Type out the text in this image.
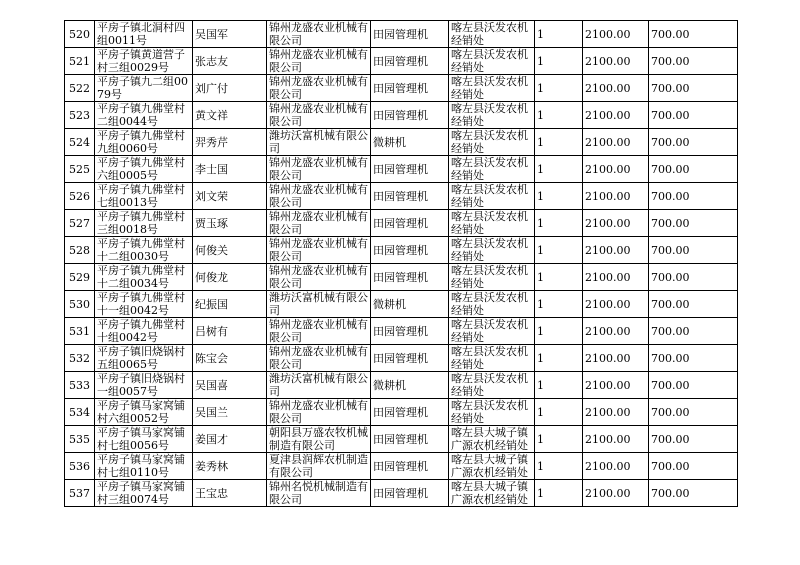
520	平房子镇北洞村四组0011号	吴国军	锦州龙盛农业机械有限公司	田园管理机	喀左县沃发农机经销处	1	2100.00	700.00
521	平房子镇黄道营子村三组0029号	张志友	锦州龙盛农业机械有限公司	田园管理机	喀左县沃发农机经销处	1	2100.00	700.00
522	平房子镇九二组0079号	刘广付	锦州龙盛农业机械有限公司	田园管理机	喀左县沃发农机经销处	1	2100.00	700.00
523	平房子镇九佛堂村二组0044号	黄文祥	锦州龙盛农业机械有限公司	田园管理机	喀左县沃发农机经销处	1	2100.00	700.00
524	平房子镇九佛堂村九组0060号	羿秀芹	潍坊沃富机械有限公司	微耕机	喀左县沃发农机经销处	1	2100.00	700.00
525	平房子镇九佛堂村六组0005号	李士国	锦州龙盛农业机械有限公司	田园管理机	喀左县沃发农机经销处	1	2100.00	700.00
526	平房子镇九佛堂村七组0013号	刘文荣	锦州龙盛农业机械有限公司	田园管理机	喀左县沃发农机经销处	1	2100.00	700.00
527	平房子镇九佛堂村三组0018号	贾玉琢	锦州龙盛农业机械有限公司	田园管理机	喀左县沃发农机经销处	1	2100.00	700.00
528	平房子镇九佛堂村十二组0030号	何俊关	锦州龙盛农业机械有限公司	田园管理机	喀左县沃发农机经销处	1	2100.00	700.00
529	平房子镇九佛堂村十二组0034号	何俊龙	锦州龙盛农业机械有限公司	田园管理机	喀左县沃发农机经销处	1	2100.00	700.00
530	平房子镇九佛堂村十一组0042号	纪振国	潍坊沃富机械有限公司	微耕机	喀左县沃发农机经销处	1	2100.00	700.00
531	平房子镇九佛堂村十组0042号	吕树有	锦州龙盛农业机械有限公司	田园管理机	喀左县沃发农机经销处	1	2100.00	700.00
532	平房子镇旧烧锅村五组0065号	陈宝会	锦州龙盛农业机械有限公司	田园管理机	喀左县沃发农机经销处	1	2100.00	700.00
533	平房子镇旧烧锅村一组0057号	吴国喜	潍坊沃富机械有限公司	微耕机	喀左县沃发农机经销处	1	2100.00	700.00
534	平房子镇马家窝铺村六组0052号	吴国兰	锦州龙盛农业机械有限公司	田园管理机	喀左县沃发农机经销处	1	2100.00	700.00
535	平房子镇马家窝铺村七组0056号	姜国才	朝阳县万盛农牧机械制造有限公司	田园管理机	喀左县大城子镇广源农机经销处	1	2100.00	700.00
536	平房子镇马家窝铺村七组0110号	姜秀林	夏津县润辉农机制造有限公司	田园管理机	喀左县大城子镇广源农机经销处	1	2100.00	700.00
537	平房子镇马家窝铺村三组0074号	王宝忠	锦州名悦机械制造有限公司	田园管理机	喀左县大城子镇广源农机经销处	1	2100.00	700.00
